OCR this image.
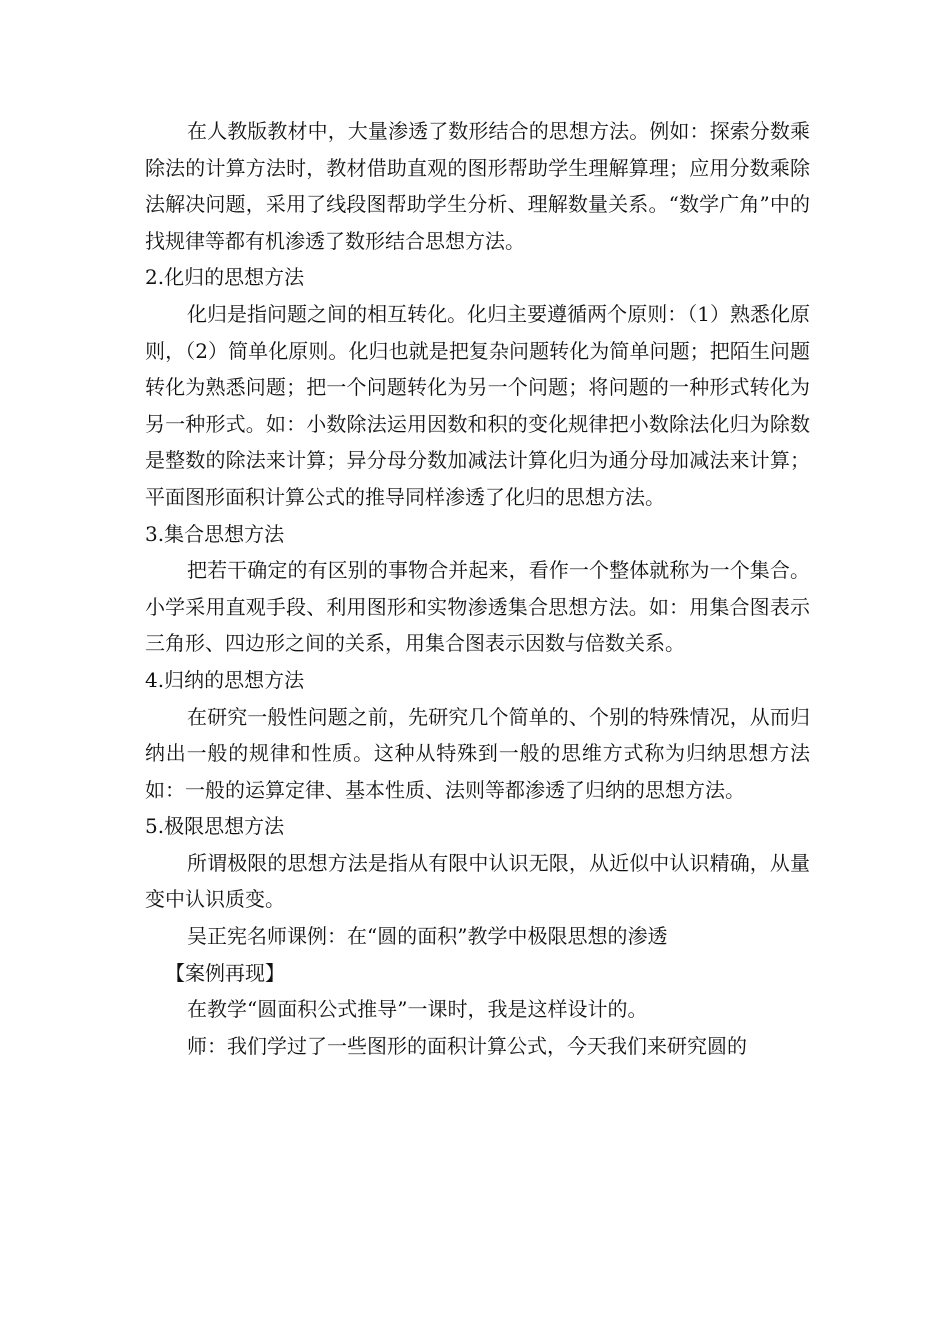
在人教版教材中，大量渗透了数形结合的思想方法。例如：探索分数乘除法的计算方法时，教材借助直观的图形帮助学生理解算理；应用分数乘除法解决问题，采用了线段图帮助学生分析、理解数量关系。“数学广角”中的找规律等都有机渗透了数形结合思想方法。

2.化归的思想方法

化归是指问题之间的相互转化。化归主要遵循两个原则：（1）熟悉化原则，（2）简单化原则。化归也就是把复杂问题转化为简单问题；把陌生问题转化为熟悉问题；把一个问题转化为另一个问题；将问题的一种形式转化为另一种形式。如：小数除法运用因数和积的变化规律把小数除法化归为除数是整数的除法来计算；异分母分数加减法计算化归为通分母加减法来计算；平面图形面积计算公式的推导同样渗透了化归的思想方法。

3.集合思想方法

把若干确定的有区别的事物合并起来，看作一个整体就称为一个集合。小学采用直观手段、利用图形和实物渗透集合思想方法。如：用集合图表示三角形、四边形之间的关系，用集合图表示因数与倍数关系。

4.归纳的思想方法

在研究一般性问题之前，先研究几个简单的、个别的特殊情况，从而归纳出一般的规律和性质。这种从特殊到一般的思维方式称为归纳思想方法 如：一般的运算定律、基本性质、法则等都渗透了归纳的思想方法。

5.极限思想方法

所谓极限的思想方法是指从有限中认识无限，从近似中认识精确，从量变中认识质变。

吴正宪名师课例：在“圆的面积”教学中极限思想的渗透

【案例再现】

在教学“圆面积公式推导”一课时，我是这样设计的。

师：我们学过了一些图形的面积计算公式，今天我们来研究圆的
